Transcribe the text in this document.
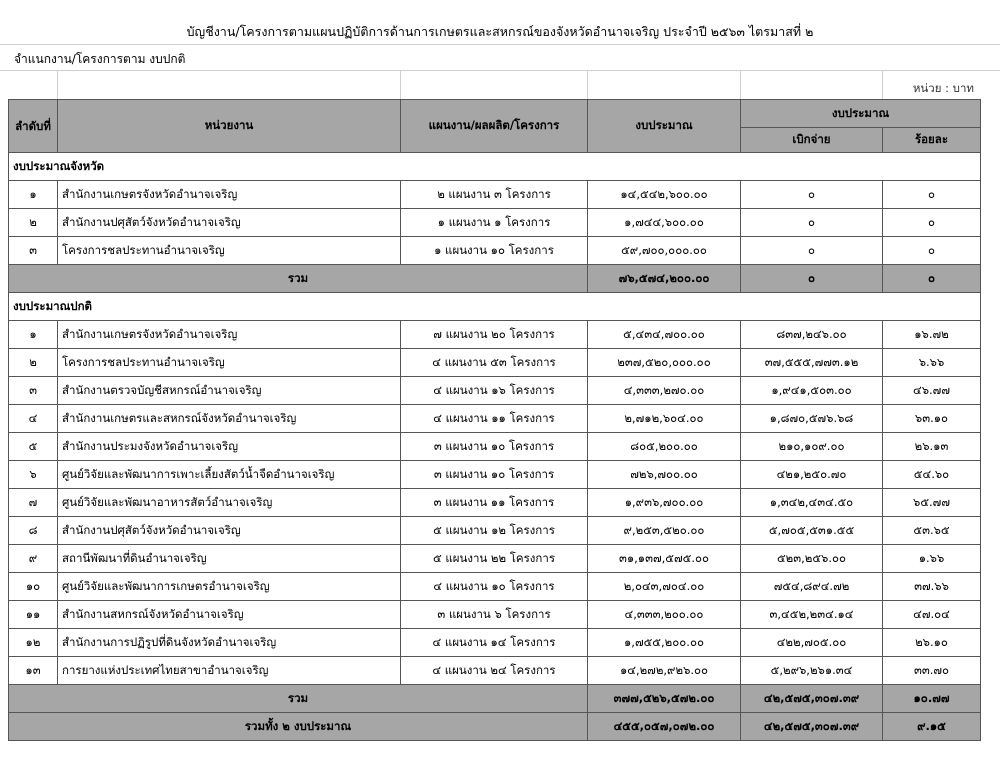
บัญชีงาน/โครงการตามแผนปฏิบัติการด้านการเกษตรและสหกรณ์ของจังหวัดอำนาจเจริญ ประจำปี ๒๕๖๓ ไตรมาสที่ ๒
จำแนกงาน/โครงการตาม งบปกติ
หน่วย : บาท
ลำดับที่	หน่วยงาน	แผนงาน/ผลผลิต/โครงการ	งบประมาณ	งบประมาณ	
				เบิกจ่าย	ร้อยละ
งบประมาณจังหวัด					
๑	สำนักงานเกษตรจังหวัดอำนาจเจริญ	๒ แผนงาน ๓ โครงการ	๑๔,๕๔๒,๖๐๐.๐๐	๐	๐
๒	สำนักงานปศุสัตว์จังหวัดอำนาจเจริญ	๑ แผนงาน ๑ โครงการ	๑,๗๔๔,๖๐๐.๐๐	๐	๐
๓	โครงการชลประทานอำนาจเจริญ	๑ แผนงาน ๑๐ โครงการ	๕๙,๗๐๐,๐๐๐.๐๐	๐	๐
รวม			๗๖,๕๗๔,๒๐๐.๐๐	๐	๐
งบประมาณปกติ					
๑	สำนักงานเกษตรจังหวัดอำนาจเจริญ	๗ แผนงาน ๒๐ โครงการ	๕,๔๓๔,๗๐๐.๐๐	๘๓๗,๒๔๖.๐๐	๑๖.๗๒
๒	โครงการชลประทานอำนาจเจริญ	๔ แผนงาน ๕๓ โครงการ	๒๓๗,๕๒๐,๐๐๐.๐๐	๓๗,๕๕๕,๗๗๓.๑๒	๖.๖๖
๓	สำนักงานตรวจบัญชีสหกรณ์อำนาจเจริญ	๔ แผนงาน ๑๖ โครงการ	๔,๓๓๓,๒๗๐.๐๐	๑,๙๔๑,๕๐๓.๐๐	๔๖.๗๗
๔	สำนักงานเกษตรและสหกรณ์จังหวัดอำนาจเจริญ	๔ แผนงาน ๑๑ โครงการ	๒,๗๑๒,๖๐๔.๐๐	๑,๘๗๐,๕๗๖.๖๘	๖๓.๑๐
๕	สำนักงานประมงจังหวัดอำนาจเจริญ	๓ แผนงาน ๑๐ โครงการ	๘๐๕,๒๐๐.๐๐	๒๑๐,๑๐๙.๐๐	๒๖.๑๓
๖	ศูนย์วิจัยและพัฒนาการเพาะเลี้ยงสัตว์น้ำจืดอำนาจเจริญ	๓ แผนงาน ๑๐ โครงการ	๗๒๖,๗๐๐.๐๐	๔๒๑,๒๕๐.๗๐	๕๔.๖๐
๗	ศูนย์วิจัยและพัฒนาอาหารสัตว์อำนาจเจริญ	๓ แผนงาน ๑๑ โครงการ	๑,๙๓๖,๗๐๐.๐๐	๑,๓๔๒,๔๓๔.๕๐	๖๕.๗๗
๘	สำนักงานปศุสัตว์จังหวัดอำนาจเจริญ	๕ แผนงาน ๑๒ โครงการ	๙,๒๕๓,๕๒๐.๐๐	๕,๗๐๕,๕๓๑.๕๕	๕๓.๖๕
๙	สถานีพัฒนาที่ดินอำนาจเจริญ	๕ แผนงาน ๒๒ โครงการ	๓๑,๑๓๗,๕๗๕.๐๐	๕๒๓,๒๕๖.๐๐	๑.๖๖
๑๐	ศูนย์วิจัยและพัฒนาการเกษตรอำนาจเจริญ	๔ แผนงาน ๑๐ โครงการ	๒,๐๔๓,๗๐๔.๐๐	๗๕๔,๘๙๔.๗๒	๓๗.๖๖
๑๑	สำนักงานสหกรณ์จังหวัดอำนาจเจริญ	๓ แผนงาน ๖ โครงการ	๔,๓๓๓,๒๐๐.๐๐	๓,๔๕๒,๒๓๔.๑๔	๔๗.๐๔
๑๒	สำนักงานการปฏิรูปที่ดินจังหวัดอำนาจเจริญ	๔ แผนงาน ๑๔ โครงการ	๑,๗๕๕,๒๐๐.๐๐	๔๒๒,๗๐๕.๐๐	๒๖.๑๐
๑๓	การยางแห่งประเทศไทยสาขาอำนาจเจริญ	๔ แผนงาน ๒๔ โครงการ	๑๔,๒๗๒,๙๒๖.๐๐	๕,๒๙๖,๒๖๑.๓๔	๓๓.๗๐
รวม			๓๗๗,๕๒๖,๕๗๒.๐๐	๔๒,๕๗๕,๓๐๗.๓๙	๑๐.๗๗
รวมทั้ง ๒ งบประมาณ			๔๕๕,๐๕๗,๐๗๒.๐๐	๔๒,๕๗๕,๓๐๗.๓๙	๙.๑๕
